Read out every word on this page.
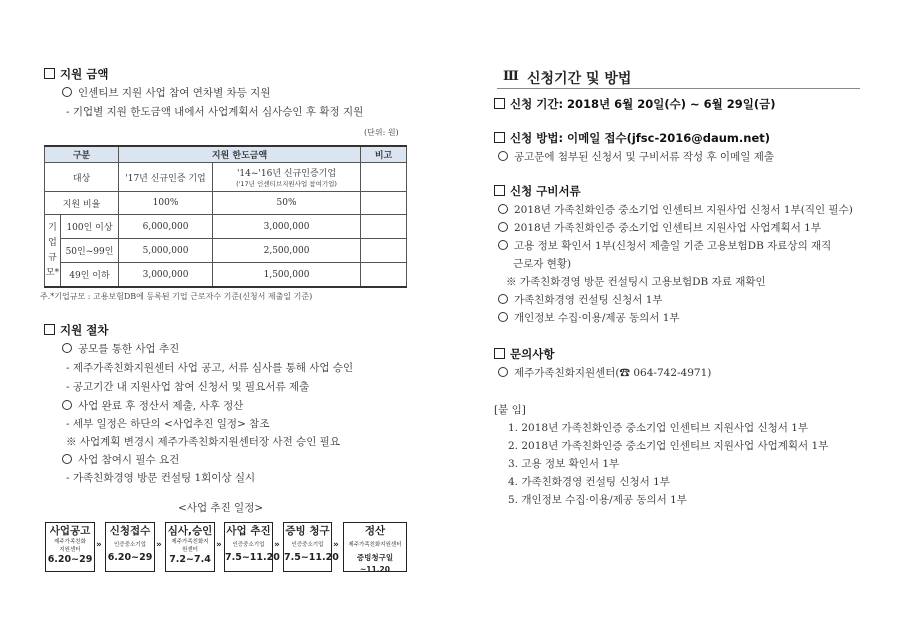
지원 금액
인센티브 지원 사업 참여 연차별 차등 지원
- 기업별 지원 한도금액 내에서 사업계획서 심사승인 후 확정 지원
(단위: 원)
구분		지원 한도금액		비고
대상		'17년 신규인증 기업	'14~'16년 신규인증기업
('17년 인센티브지원사업 참여기업)	

지원 비율		100%	50%	

기
업
규
모*	100인 이상	6,000,000	3,000,000	
	50인~99인	5,000,000	2,500,000	
	49인 이하	3,000,000	1,500,000	
주.*기업규모 : 고용보험DB에 등록된 기업 근로자수 기준(신청서 제출일 기준)
지원 절차
공모를 통한 사업 추진
- 제주가족친화지원센터 사업 공고, 서류 심사를 통해 사업 승인
- 공고기간 내 지원사업 참여 신청서 및 필요서류 제출
사업 완료 후 정산서 제출, 사후 정산
- 세부 일정은 하단의 <사업추진 일정> 참조
※ 사업계획 변경시 제주가족친화지원센터장 사전 승인 필요
사업 참여시 필수 요건
- 가족친화경영 방문 컨설팅 1회이상 실시
<사업 추진 일정>
사업공고
제주가족친화 지원센터
6.20~29
»
신청접수
인증중소기업
6.20~29
»
심사,승인
제주가족친화지원센터
7.2~7.4
»
사업 추진
인증중소기업
7.5~11.20
»
증빙 청구
인증중소기업
7.5~11.20
»
정산
제주가족친화지원센터
증빙청구일~11.20
Ⅲ 신청기간 및 방법
신청 기간: 2018년 6월 20일(수) ~ 6월 29일(금)
신청 방법: 이메일 접수(jfsc-2016@daum.net)
공고문에 첨부된 신청서 및 구비서류 작성 후 이메일 제출
신청 구비서류
2018년 가족친화인증 중소기업 인센티브 지원사업 신청서 1부(직인 필수)
2018년 가족친화인증 중소기업 인센티브 지원사업 사업계획서 1부
고용 정보 확인서 1부(신청서 제출일 기준 고용보험DB 자료상의 재직
근로자 현황)
※ 가족친화경영 방문 컨설팅시 고용보험DB 자료 재확인
가족친화경영 컨설팅 신청서 1부
개인정보 수집·이용/제공 동의서 1부
문의사항
제주가족친화지원센터(☎ 064-742-4971)
[붙 임]
1. 2018년 가족친화인증 중소기업 인센티브 지원사업 신청서 1부
2. 2018년 가족친화인증 중소기업 인센티브 지원사업 사업계획서 1부
3. 고용 정보 확인서 1부
4. 가족친화경영 컨설팅 신청서 1부
5. 개인정보 수집·이용/제공 동의서 1부
